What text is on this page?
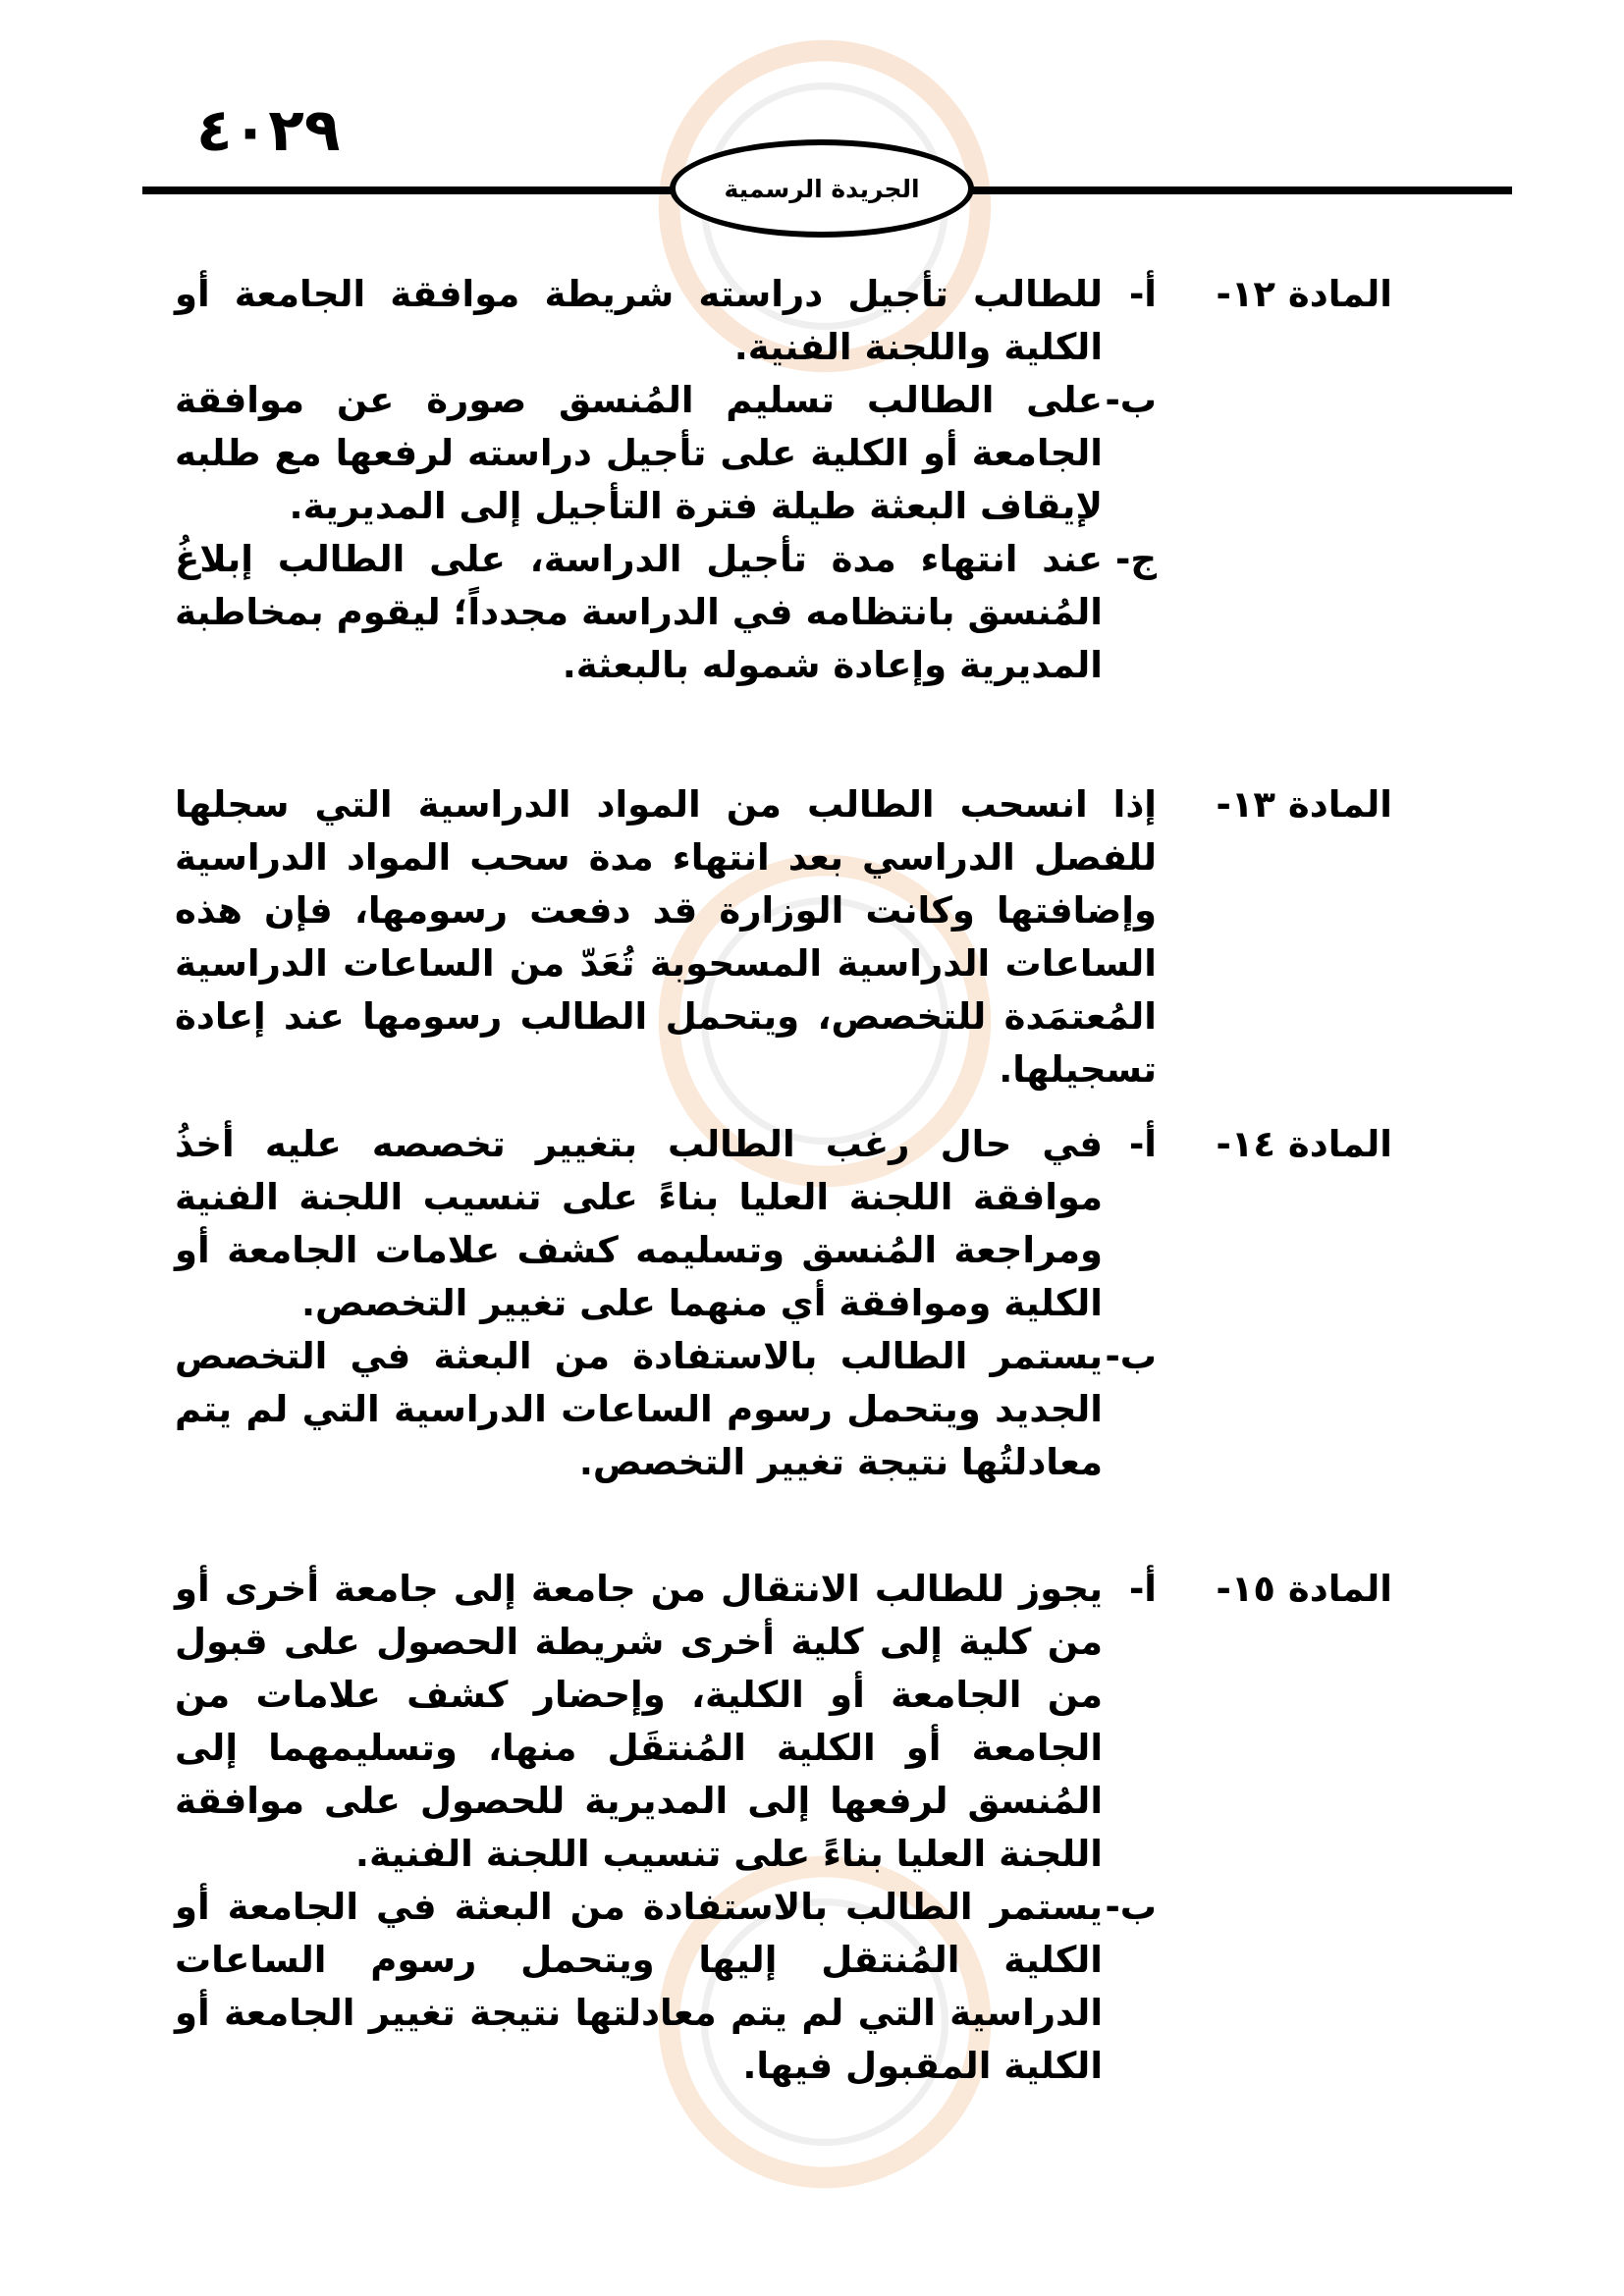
٤٠٢٩
الجريدة الرسمية
المادة ١٢-
أ-
للطالب تأجيل دراسته شريطة موافقة الجامعة أو الكلية واللجنة الفنية.
ب-
على الطالب تسليم المُنسق صورة عن موافقة الجامعة أو الكلية على تأجيل دراسته لرفعها مع طلبه لإيقاف البعثة طيلة فترة التأجيل إلى المديرية.
ج-
عند انتهاء مدة تأجيل الدراسة، على الطالب إبلاغُ المُنسق بانتظامه في الدراسة مجدداً؛ ليقوم بمخاطبة المديرية وإعادة شموله بالبعثة.
المادة ١٣-
إذا انسحب الطالب من المواد الدراسية التي سجلها للفصل الدراسي بعد انتهاء مدة سحب المواد الدراسية وإضافتها وكانت الوزارة قد دفعت رسومها، فإن هذه الساعات الدراسية المسحوبة تُعَدّ من الساعات الدراسية المُعتمَدة للتخصص، ويتحمل الطالب رسومها عند إعادة تسجيلها.
المادة ١٤-
أ-
في حال رغب الطالب بتغيير تخصصه عليه أخذُ موافقة اللجنة العليا بناءً على تنسيب اللجنة الفنية ومراجعة المُنسق وتسليمه كشف علامات الجامعة أو الكلية وموافقة أي منهما على تغيير التخصص.
ب-
يستمر الطالب بالاستفادة من البعثة في التخصص الجديد ويتحمل رسوم الساعات الدراسية التي لم يتم معادلتُها نتيجة تغيير التخصص.
المادة ١٥-
أ-
يجوز للطالب الانتقال من جامعة إلى جامعة أخرى أو من كلية إلى كلية أخرى شريطة الحصول على قبول من الجامعة أو الكلية، وإحضار كشف علامات من الجامعة أو الكلية المُنتقَل منها، وتسليمهما إلى المُنسق لرفعها إلى المديرية للحصول على موافقة اللجنة العليا بناءً على تنسيب اللجنة الفنية.
ب-
يستمر الطالب بالاستفادة من البعثة في الجامعة أو الكلية المُنتقل إليها ويتحمل رسوم الساعات الدراسية التي لم يتم معادلتها نتيجة تغيير الجامعة أو الكلية المقبول فيها.
